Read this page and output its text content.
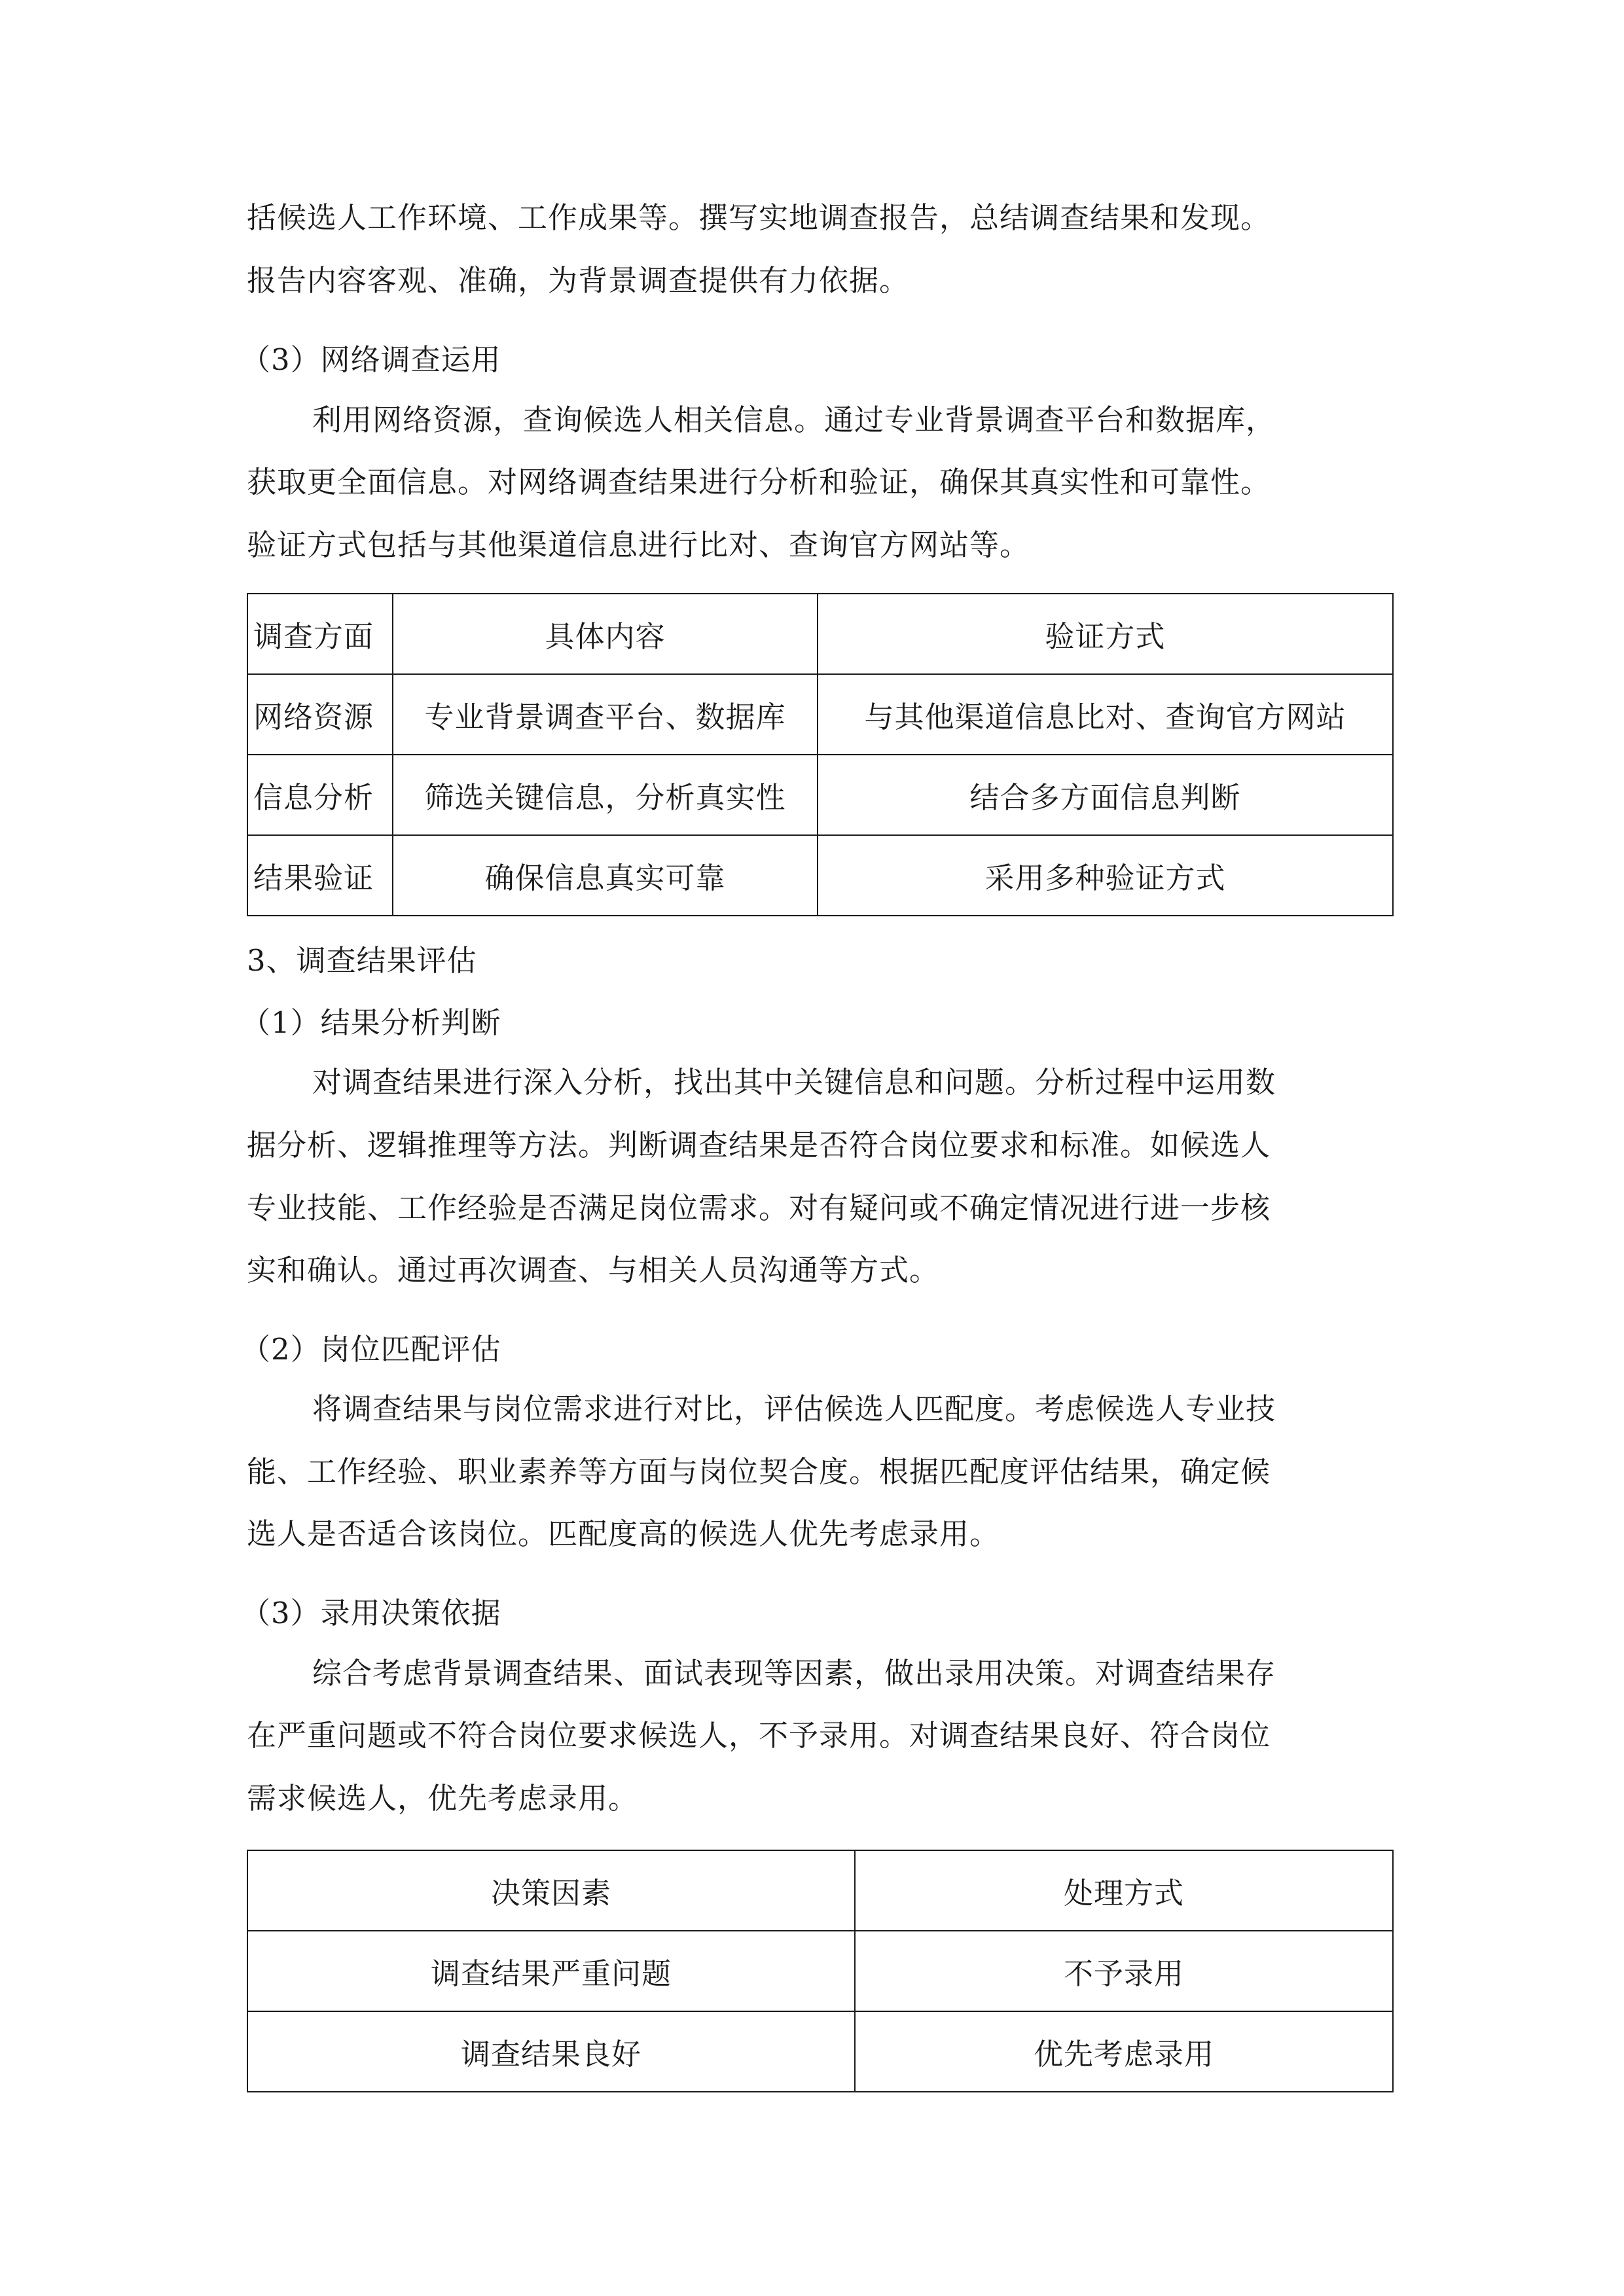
括候选人工作环境、工作成果等。撰写实地调查报告，总结调查结果和发现。
报告内容客观、准确，为背景调查提供有力依据。
（3）网络调查运用
利用网络资源，查询候选人相关信息。通过专业背景调查平台和数据库，
获取更全面信息。对网络调查结果进行分析和验证，确保其真实性和可靠性。
验证方式包括与其他渠道信息进行比对、查询官方网站等。
调查方面	具体内容	验证方式
网络资源	专业背景调查平台、数据库	与其他渠道信息比对、查询官方网站
信息分析	筛选关键信息，分析真实性	结合多方面信息判断
结果验证	确保信息真实可靠	采用多种验证方式
3、调查结果评估
（1）结果分析判断
对调查结果进行深入分析，找出其中关键信息和问题。分析过程中运用数
据分析、逻辑推理等方法。判断调查结果是否符合岗位要求和标准。如候选人
专业技能、工作经验是否满足岗位需求。对有疑问或不确定情况进行进一步核
实和确认。通过再次调查、与相关人员沟通等方式。
（2）岗位匹配评估
将调查结果与岗位需求进行对比，评估候选人匹配度。考虑候选人专业技
能、工作经验、职业素养等方面与岗位契合度。根据匹配度评估结果，确定候
选人是否适合该岗位。匹配度高的候选人优先考虑录用。
（3）录用决策依据
综合考虑背景调查结果、面试表现等因素，做出录用决策。对调查结果存
在严重问题或不符合岗位要求候选人，不予录用。对调查结果良好、符合岗位
需求候选人，优先考虑录用。
决策因素	处理方式
调查结果严重问题	不予录用
调查结果良好	优先考虑录用
